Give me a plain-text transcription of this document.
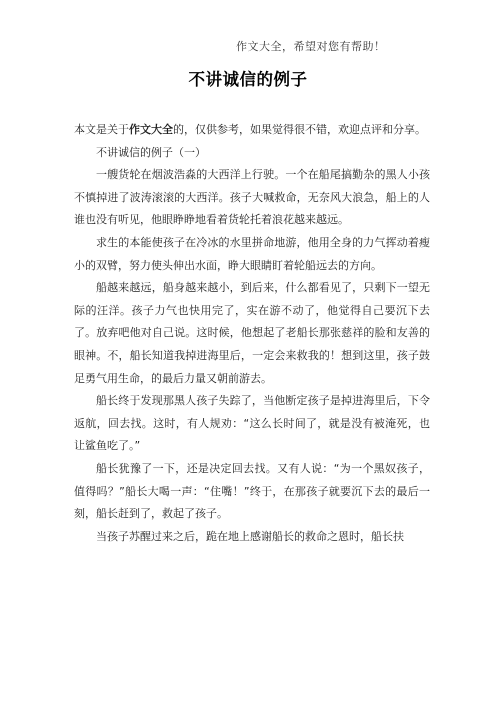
作文大全，希望对您有帮助！
不讲诚信的例子

本文是关于作文大全的，仅供参考，如果觉得很不错，欢迎点评和分享。

不讲诚信的例子（一）

一艘货轮在烟波浩淼的大西洋上行驶。一个在船尾搞勤杂的黑人小孩不慎掉进了波涛滚滚的大西洋。孩子大喊救命，无奈风大浪急，船上的人谁也没有听见，他眼睁睁地看着货轮托着浪花越来越远。

求生的本能使孩子在冷冰的水里拼命地游，他用全身的力气挥动着瘦小的双臂，努力使头伸出水面，睁大眼睛盯着轮船远去的方向。

船越来越远，船身越来越小，到后来，什么都看见了，只剩下一望无际的汪洋。孩子力气也快用完了，实在游不动了，他觉得自己要沉下去了。放弃吧他对自己说。这时候，他想起了老船长那张慈祥的脸和友善的眼神。不，船长知道我掉进海里后，一定会来救我的！想到这里，孩子鼓足勇气用生命，的最后力量又朝前游去。

船长终于发现那黑人孩子失踪了，当他断定孩子是掉进海里后，下令返航，回去找。这时，有人规劝：“这么长时间了，就是没有被淹死，也让鲨鱼吃了。”

船长犹豫了一下，还是决定回去找。又有人说：“为一个黑奴孩子，值得吗？”船长大喝一声：“住嘴！”终于，在那孩子就要沉下去的最后一刻，船长赶到了，救起了孩子。

当孩子苏醒过来之后，跪在地上感谢船长的救命之恩时，船长扶
